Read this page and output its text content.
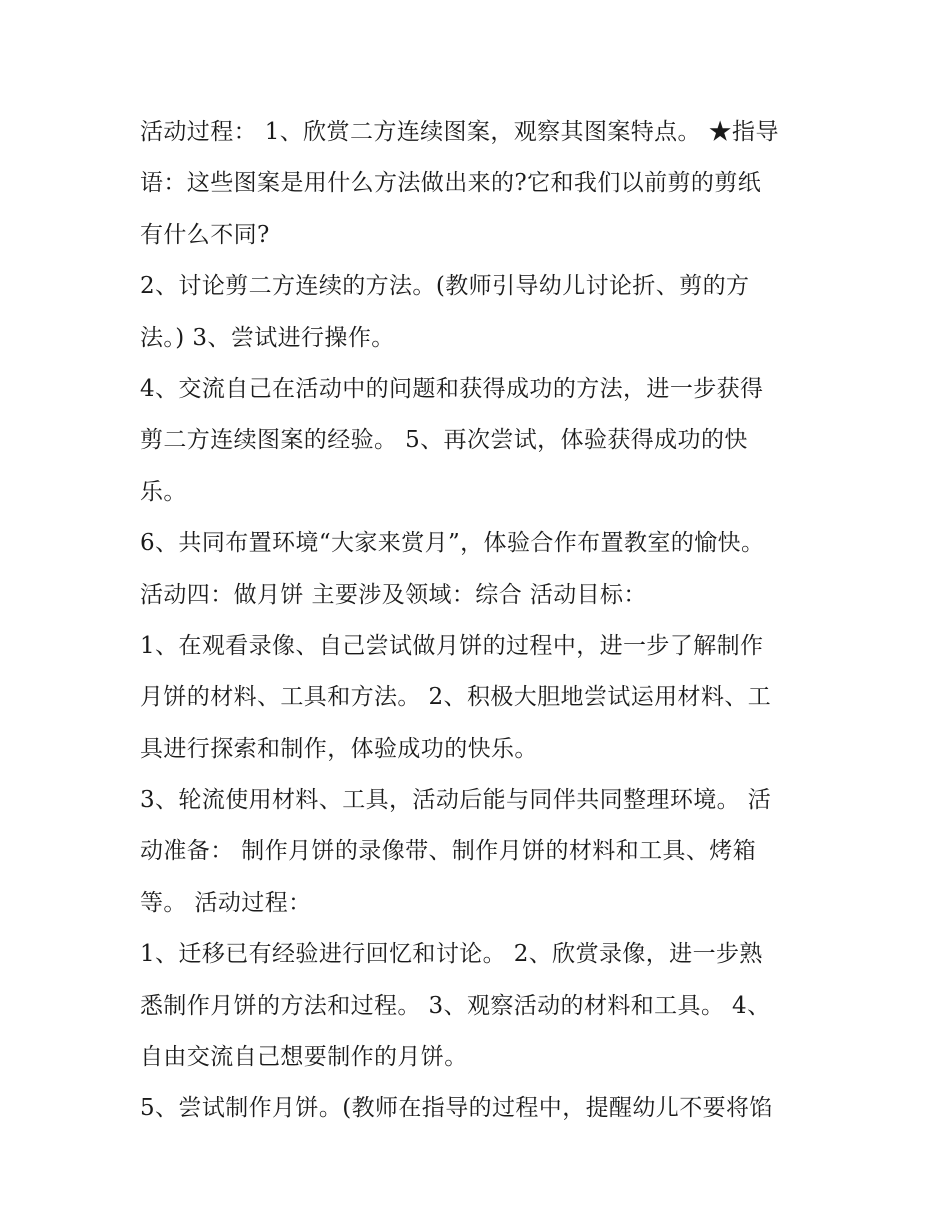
活动过程： 1、欣赏二方连续图案，观察其图案特点。 ★指导
语：这些图案是用什么方法做出来的?它和我们以前剪的剪纸
有什么不同?
2、讨论剪二方连续的方法。(教师引导幼儿讨论折、剪的方
法。) 3、尝试进行操作。
4、交流自己在活动中的问题和获得成功的方法，进一步获得
剪二方连续图案的经验。 5、再次尝试，体验获得成功的快
乐。
6、共同布置环境“大家来赏月”，体验合作布置教室的愉快。
活动四：做月饼 主要涉及领域：综合 活动目标：
1、在观看录像、自己尝试做月饼的过程中，进一步了解制作
月饼的材料、工具和方法。 2、积极大胆地尝试运用材料、工
具进行探索和制作，体验成功的快乐。
3、轮流使用材料、工具，活动后能与同伴共同整理环境。 活
动准备： 制作月饼的录像带、制作月饼的材料和工具、烤箱
等。 活动过程：
1、迁移已有经验进行回忆和讨论。 2、欣赏录像，进一步熟
悉制作月饼的方法和过程。 3、观察活动的材料和工具。 4、
自由交流自己想要制作的月饼。
5、尝试制作月饼。(教师在指导的过程中，提醒幼儿不要将馅
